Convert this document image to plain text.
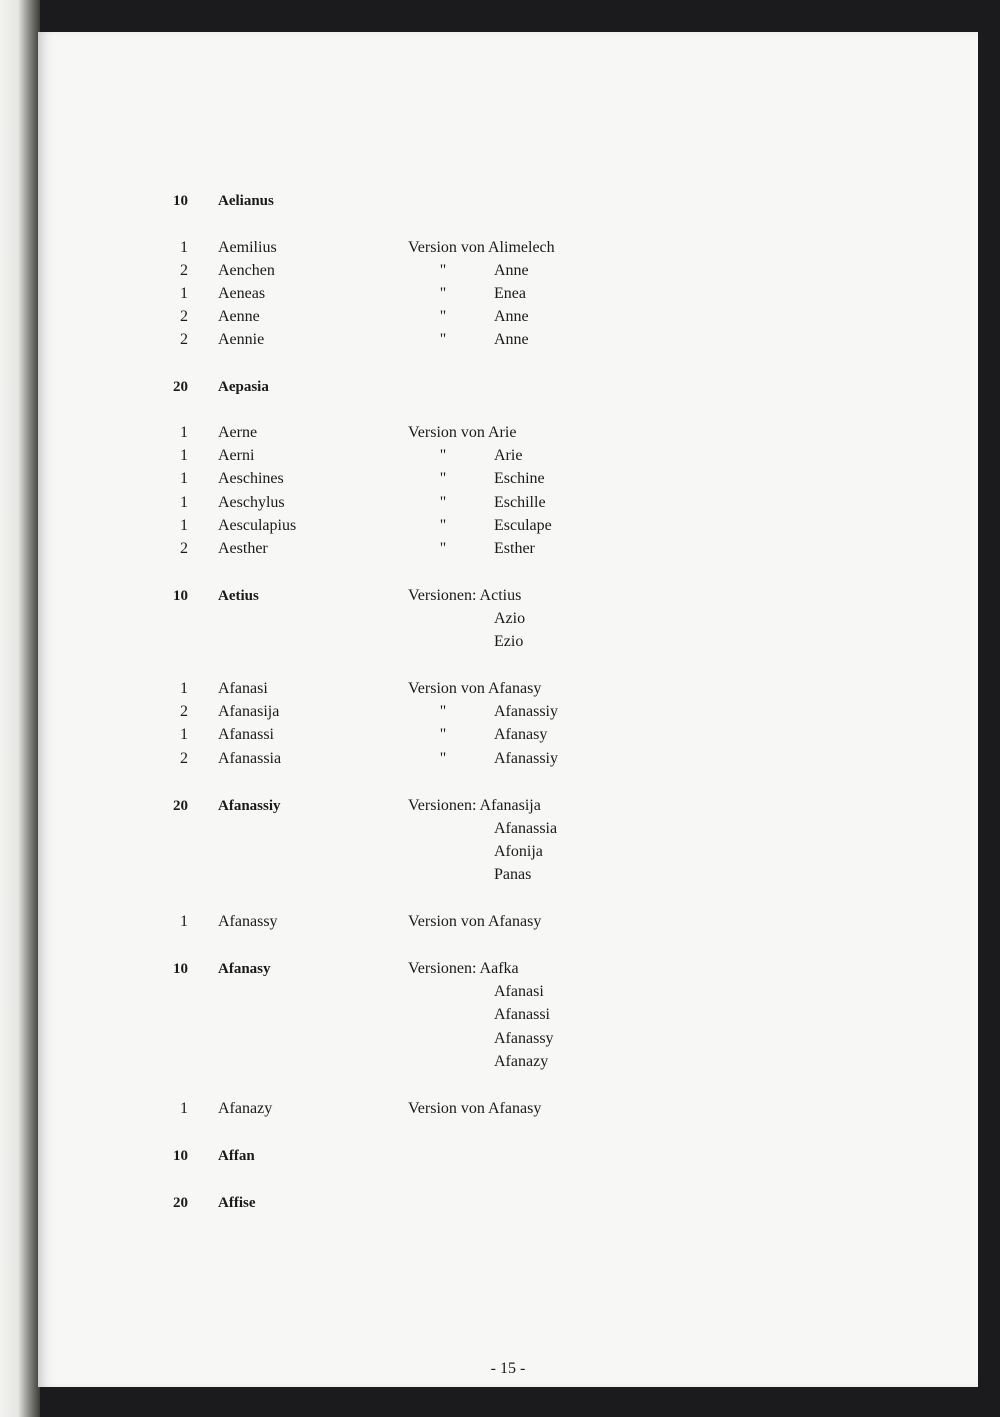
10 Aelianus
1 Aemilius	Version von Alimelech
2 Aenchen	"	Anne
1 Aeneas	"	Enea
2 Aenne	"	Anne
2 Aennie	"	Anne
20 Aepasia
1 Aerne	Version von Arie
1 Aerni	"	Arie
1 Aeschines	"	Eschine
1 Aeschylus	"	Eschille
1 Aesculapius	"	Esculape
2 Aesther	"	Esther
10 Aetius	Versionen: Actius
Azio
Ezio
1 Afanasi	Version von Afanasy
2 Afanasija	"	Afanassiy
1 Afanassi	"	Afanasy
2 Afanassia	"	Afanassiy
20 Afanassiy	Versionen: Afanasija
Afanassia
Afonija
Panas
1 Afanassy	Version von Afanasy
10 Afanasy	Versionen: Aafka
Afanasi
Afanassi
Afanassy
Afanazy
1 Afanazy	Version von Afanasy
10 Affan
20 Affise
- 15 -
